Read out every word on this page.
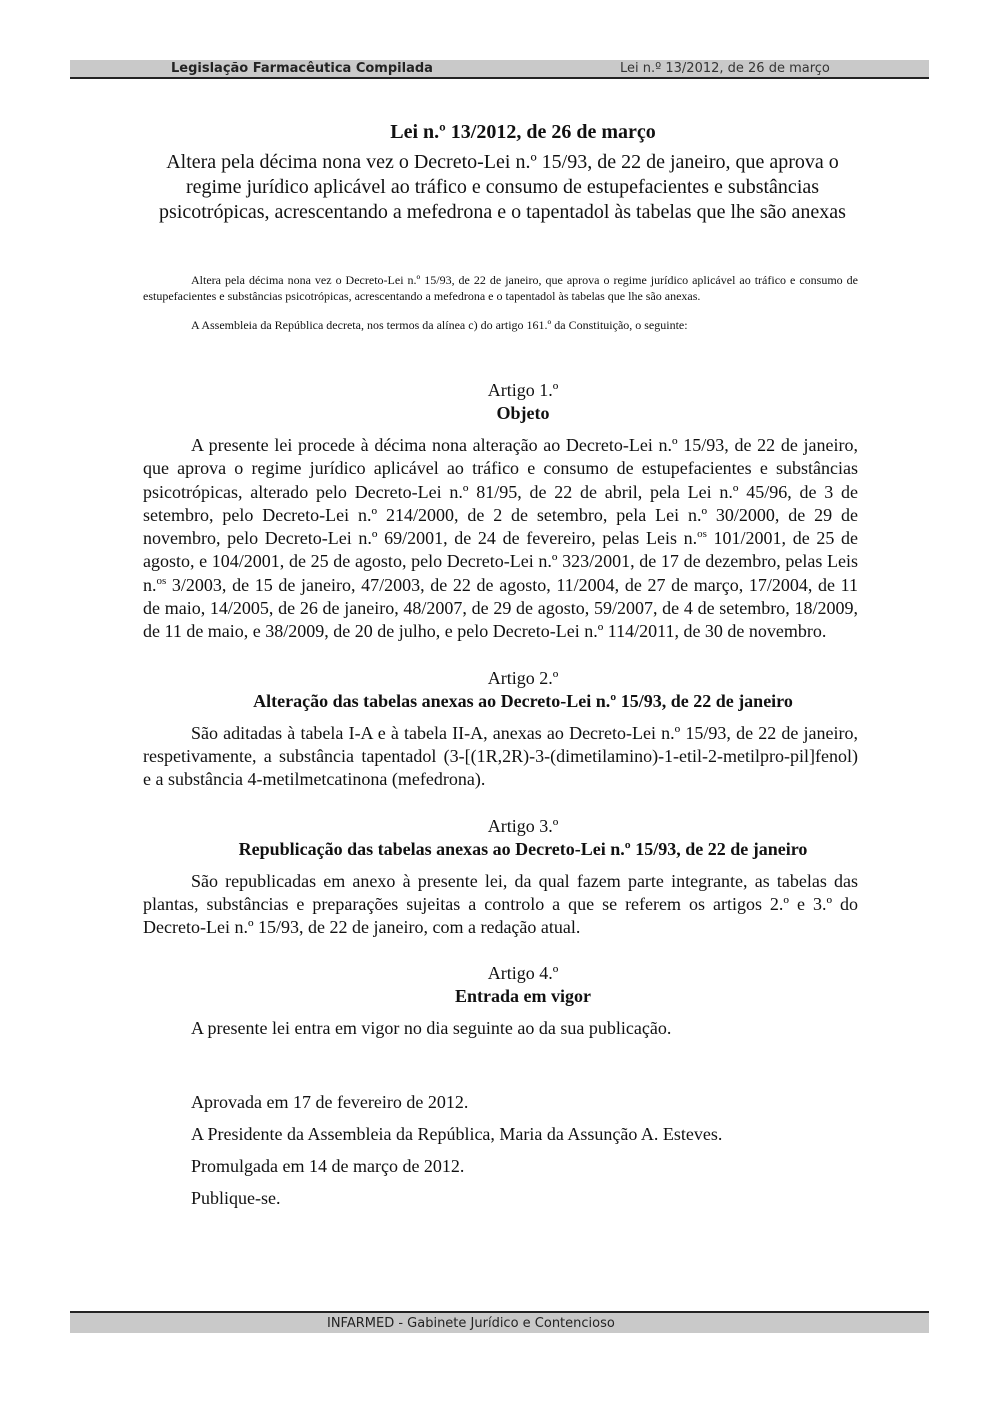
Legislação Farmacêutica Compilada	Lei n.º 13/2012, de 26 de março
Lei n.º 13/2012, de 26 de março

Altera pela décima nona vez o Decreto-Lei n.º 15/93, de 22 de janeiro, que aprova o regime jurídico aplicável ao tráfico e consumo de estupefacientes e substâncias psicotrópicas, acrescentando a mefedrona e o tapentadol às tabelas que lhe são anexas

Altera pela décima nona vez o Decreto-Lei n.º 15/93, de 22 de janeiro, que aprova o regime jurídico aplicável ao tráfico e consumo de estupefacientes e substâncias psicotrópicas, acrescentando a mefedrona e o tapentadol às tabelas que lhe são anexas.

A Assembleia da República decreta, nos termos da alínea c) do artigo 161.º da Constituição, o seguinte:

Artigo 1.º

Objeto

A presente lei procede à décima nona alteração ao Decreto-Lei n.º 15/93, de 22 de janeiro, que aprova o regime jurídico aplicável ao tráfico e consumo de estupefacientes e substâncias psicotrópicas, alterado pelo Decreto-Lei n.º 81/95, de 22 de abril, pela Lei n.º 45/96, de 3 de setembro, pelo Decreto-Lei n.º 214/2000, de 2 de setembro, pela Lei n.º 30/2000, de 29 de novembro, pelo Decreto-Lei n.º 69/2001, de 24 de fevereiro, pelas Leis n.$^{os}$ 101/2001, de 25 de agosto, e 104/2001, de 25 de agosto, pelo Decreto-Lei n.º 323/2001, de 17 de dezembro, pelas Leis n.$^{os}$ 3/2003, de 15 de janeiro, 47/2003, de 22 de agosto, 11/2004, de 27 de março, 17/2004, de 11 de maio, 14/2005, de 26 de janeiro, 48/2007, de 29 de agosto, 59/2007, de 4 de setembro, 18/2009, de 11 de maio, e 38/2009, de 20 de julho, e pelo Decreto-Lei n.º 114/2011, de 30 de novembro.

Artigo 2.º

Alteração das tabelas anexas ao Decreto-Lei n.º 15/93, de 22 de janeiro

São aditadas à tabela I-A e à tabela II-A, anexas ao Decreto-Lei n.º 15/93, de 22 de janeiro, respetivamente, a substância tapentadol (3-[(1R,2R)-3-(dimetilamino)-1-etil-2-metilpro-pil]fenol) e a substância 4-metilmetcatinona (mefedrona).

Artigo 3.º

Republicação das tabelas anexas ao Decreto-Lei n.º 15/93, de 22 de janeiro

São republicadas em anexo à presente lei, da qual fazem parte integrante, as tabelas das plantas, substâncias e preparações sujeitas a controlo a que se referem os artigos 2.º e 3.º do Decreto-Lei n.º 15/93, de 22 de janeiro, com a redação atual.

Artigo 4.º

Entrada em vigor

A presente lei entra em vigor no dia seguinte ao da sua publicação.

Aprovada em 17 de fevereiro de 2012.

A Presidente da Assembleia da República, Maria da Assunção A. Esteves.

Promulgada em 14 de março de 2012.

Publique-se.

INFARMED - Gabinete Jurídico e Contencioso
